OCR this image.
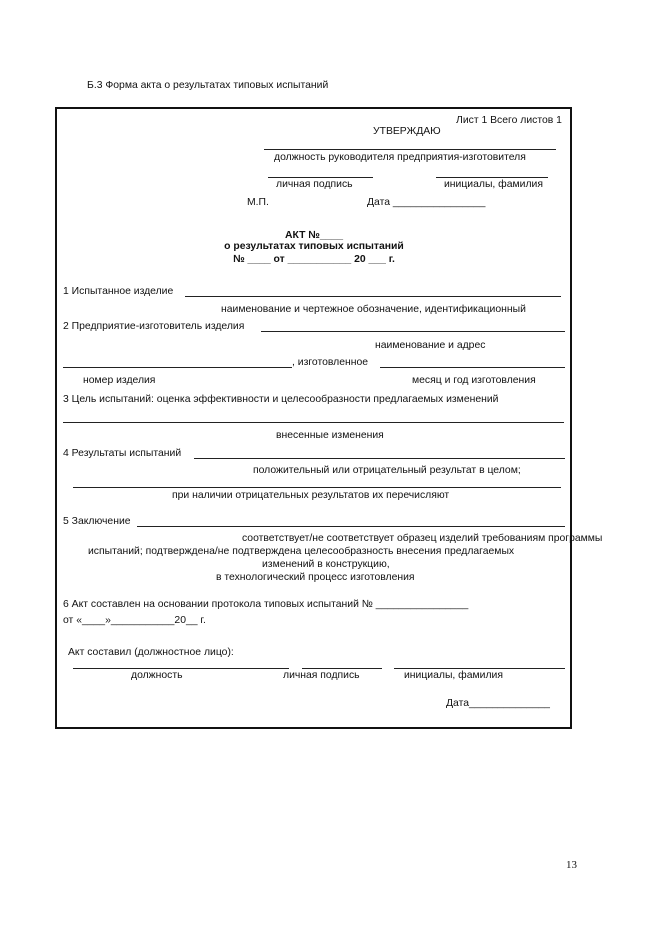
Б.3 Форма акта о результатах типовых испытаний
Лист 1 Всего листов 1
УТВЕРЖДАЮ
должность руководителя предприятия-изготовителя
личная подпись	инициалы, фамилия
М.П.	Дата ________________
АКТ №____
о результатах типовых испытаний
№ ____ от ___________ 20 ___ г.
1 Испытанное изделие
наименование и чертежное обозначение, идентификационный
2 Предприятие-изготовитель изделия
наименование и адрес
, изготовленное
номер изделия	месяц и год изготовления
3 Цель испытаний: оценка эффективности и целесообразности предлагаемых изменений
внесенные изменения
4 Результаты испытаний
положительный или отрицательный результат в целом;
при наличии отрицательных результатов их перечисляют
5 Заключение
соответствует/не соответствует образец изделий требованиям программы
испытаний; подтверждена/не подтверждена целесообразность внесения предлагаемых
изменений в конструкцию,
в технологический процесс изготовления
6 Акт составлен на основании протокола типовых испытаний № ________________
от «____»___________20__ г.
Акт составил (должностное лицо):
должность	личная подпись	инициалы, фамилия
Дата______________
13
